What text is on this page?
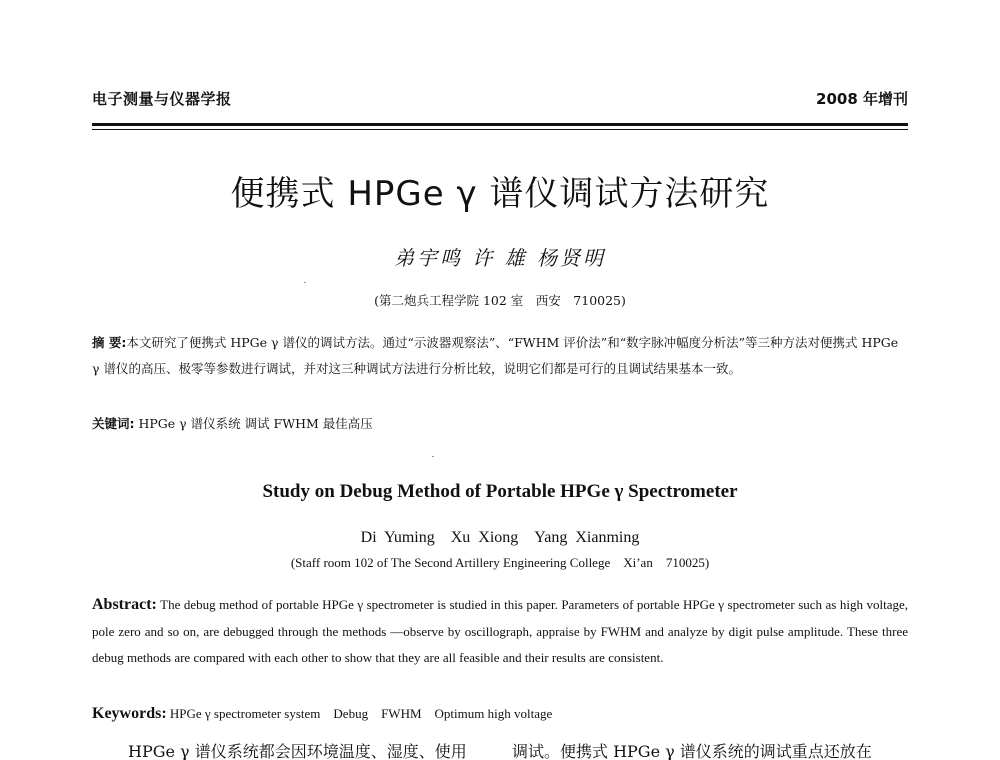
电子测量与仪器学报	2008 年增刊
便携式 HPGe γ 谱仪调试方法研究
弟宇鸣 许 雄 杨贤明
(第二炮兵工程学院 102 室　西安　710025)
摘 要:本文研究了便携式 HPGe γ 谱仪的调试方法。通过“示波器观察法”、“FWHM 评价法”和“数字脉冲幅度分析法”等三种方法对便携式 HPGe γ 谱仪的高压、极零等参数进行调试，并对这三种调试方法进行分析比较，说明它们都是可行的且调试结果基本一致。
关键词: HPGe γ 谱仪系统 调试 FWHM 最佳高压
Study on Debug Method of Portable HPGe γ Spectrometer
Di Yuming　Xu Xiong　Yang Xianming
(Staff room 102 of The Second Artillery Engineering College　Xi’an　710025)
Abstract: The debug method of portable HPGe γ spectrometer is studied in this paper. Parameters of portable HPGe γ spectrometer such as high voltage, pole zero and so on, are debugged through the methods —observe by oscillograph, appraise by FWHM and analyze by digit pulse amplitude. These three debug methods are compared with each other to show that they are all feasible and their results are consistent.
Keywords: HPGe γ spectrometer system　Debug　FWHM　Optimum high voltage
HPGe γ 谱仪系统都会因环境温度、湿度、使用	调试。便携式 HPGe γ 谱仪系统的调试重点还放在
